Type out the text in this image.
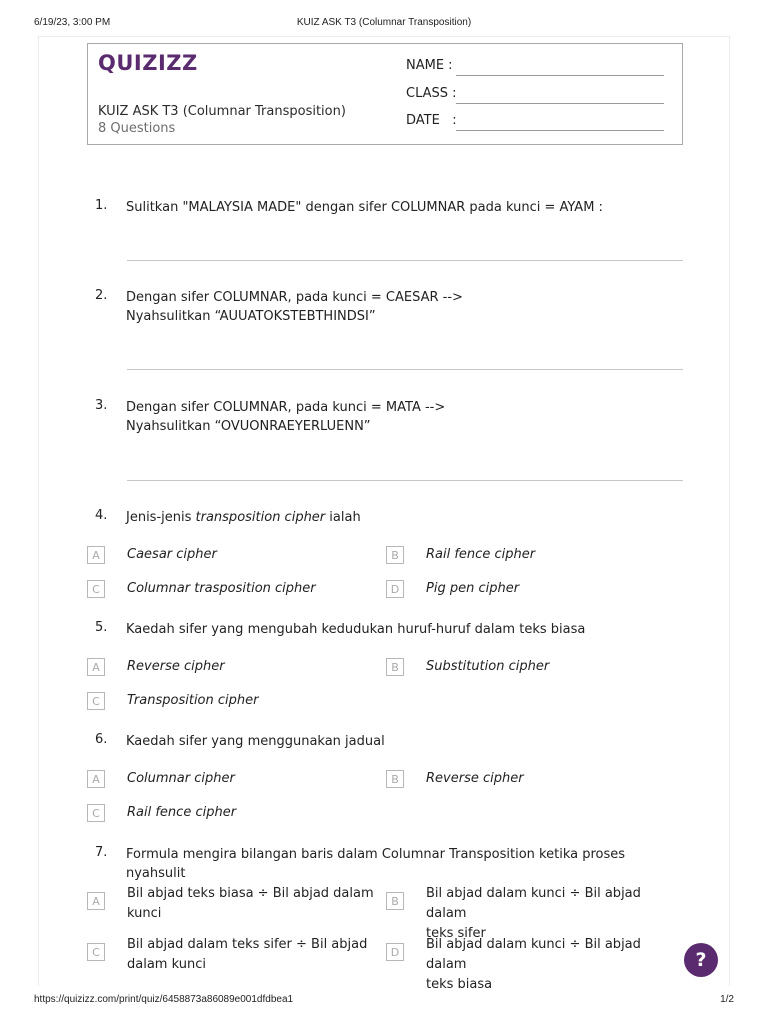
6/19/23, 3:00 PM	KUIZ ASK T3 (Columnar Transposition)
QUIZIZZ
KUIZ ASK T3 (Columnar Transposition)
8 Questions
NAME :
CLASS :
DATE   :
1. Sulitkan "MALAYSIA MADE" dengan sifer COLUMNAR pada kunci = AYAM :
2. Dengan sifer COLUMNAR, pada kunci = CAESAR -->
Nyahsulitkan “AUUATOKSTEBTHINDSI”
3. Dengan sifer COLUMNAR, pada kunci = MATA -->
Nyahsulitkan “OVUONRAEYERLUENN”
4. Jenis-jenis transposition cipher ialah
A	Caesar cipher	B	Rail fence cipher
C	Columnar trasposition cipher	D	Pig pen cipher
5. Kaedah sifer yang mengubah kedudukan huruf-huruf dalam teks biasa
A	Reverse cipher	B	Substitution cipher
C	Transposition cipher
6. Kaedah sifer yang menggunakan jadual
A	Columnar cipher	B	Reverse cipher
C	Rail fence cipher
7. Formula mengira bilangan baris dalam Columnar Transposition ketika proses nyahsulit
A
Bil abjad teks biasa ÷ Bil abjad dalam
kunci
B
Bil abjad dalam kunci ÷ Bil abjad dalam
teks sifer
C
Bil abjad dalam teks sifer ÷ Bil abjad
dalam kunci
D
Bil abjad dalam kunci ÷ Bil abjad dalam
teks biasa
?
https://quizizz.com/print/quiz/6458873a86089e001dfdbea1	1/2
